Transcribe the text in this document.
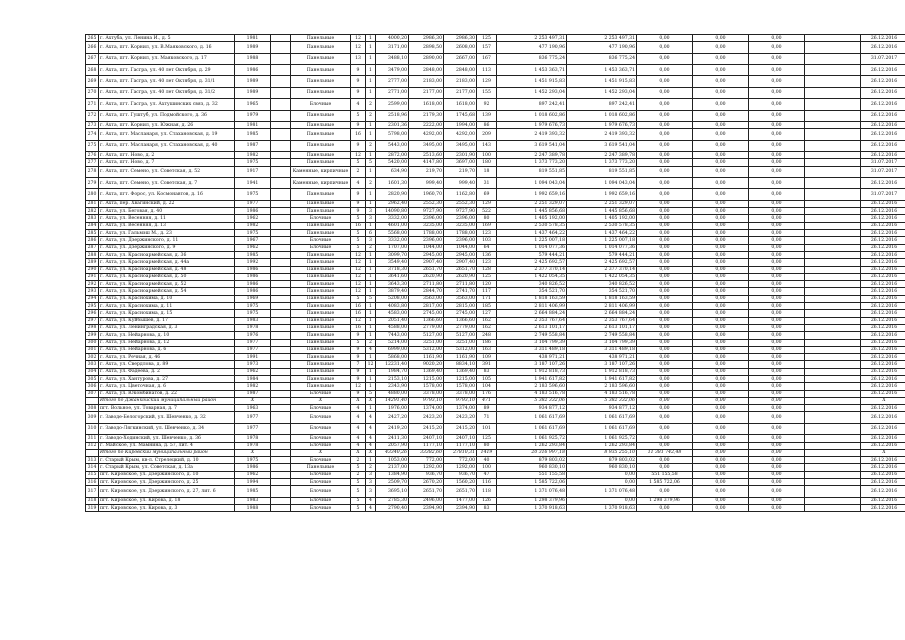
265	г. Ахтуба, ул. Ленина И., д. 5	1981		Панельные	12	1	4000,20	2986,30	2986,30	125	2 253 497,31	2 253 497,31	0,00	0,00	0,00		26.12.2016
266	г. Ахта, пгт. Корнил, ул. В.Маяковского, д. 16	1989		Панельные	12	1	3171,00	2898,50	2608,00	157	477 190,96	477 190,96	0,00	0,00	0,00		26.12.2016
267	г. Ахта, пгт. Корнил, ул. Маяковского, д. 17	1988		Панельные	13	1	3488,10	2890,00	2667,00	167	836 775,24	836 775,24	0,00	0,00	0,00		31.07.2017
268	г. Ахта, пгт. Гасгра, ул. 40 лет Октября, д. 29	1986		Панельные	9	1	3479,00	2848,00	2848,00	113	1 453 363,71	1 453 363,71	0,00	0,00	0,00		26.12.2016
269	г. Ахта, пгт. Гасгра, ул. 40 лет Октября, д. 31/1	1989		Панельные	9	1	2777,00	2183,00	2183,00	129	1 451 915,83	1 451 915,83	0,00	0,00	0,00		26.12.2016
270	г. Ахта, пгт. Гасгра, ул. 40 лет Октября, д. 31/2	1989		Панельные	9	1	2771,00	2177,00	2177,00	155	1 452 293,04	1 452 293,04	0,00	0,00	0,00		26.12.2016
271	г. Ахта, пгт. Гасгра, ул. Ахтушинских связ, д. 32	1965		Блочные	4	2	2599,00	1618,00	1618,00	92	897 242,41	897 242,41	0,00	0,00	0,00		26.12.2016
272	г. Ахта, пгт. Гуштуб, ул. Подмойского, д. 36	1979		Панельные	5	2	2518,96	2179,30	1745,68	139	1 018 602,86	1 018 602,86	0,00	0,00	0,00		26.12.2016
273	г. Ахта, пгт. Корнил, ул. Южная, д. 26	1981		Панельные	9	1	2301,36	2222,00	1994,00	86	1 979 676,73	1 979 676,73	0,00	0,00	0,00		26.12.2016
274	г. Ахта, пгт. Масланаря, ул. Стахановская, д. 19	1985		Панельные	16	1	5798,00	4292,00	4292,00	209	2 419 393,32	2 419 393,32	0,00	0,00	0,00		26.12.2016
275	г. Ахта, пгт. Масланаря, ул. Стахановская, д. 40	1987		Панельные	9	2	5443,00	3495,00	3495,00	143	3 619 541,04	3 619 541,04	0,00	0,00	0,00		26.12.2016
276	г. Ахта, пгт. Ново, д. 2	1982		Панельные	12	1	2872,00	2513,60	2301,90	100	2 247 389,78	2 247 389,78	0,00	0,00	0,00		26.12.2016
277	г. Ахта, пгт. Ново, д. 7	1975		Панельные	5	5	5420,00	4147,80	3697,00	180	1 373 773,20	1 373 773,20	0,00	0,00	0,00		31.07.2017
278	г. Ахта, пгт. Семено, ул. Советская, д. 52	1917		Каменные, кирпичные	2	1	634,90	219,70	219,70	18	819 551,85	819 551,85	0,00	0,00	0,00		31.07.2017
279	г. Ахта, пгт. Семено, ул. Советская, д. 7	1941		Каменные, кирпичные	4	2	1601,30	999,40	999,40	31	1 094 043,04	1 094 043,04	0,00	0,00	0,00		26.12.2016
280	г. Ахта, пгт. Форос, ул. Космонавтов, д. 16	1975		Панельные	9	1	2820,90	1960,70	1162,80	69	1 992 659,16	1 992 659,16	0,00	0,00	0,00		31.07.2017
281	г. Ахта, пер. Хвагинский, д. 22	1977		Панельные	9	1	2962,40	2552,30	2552,30	129	2 251 329,07	2 251 329,07	0,00	0,00	0,00		26.12.2016
282	г. Ахта, ул. Беговая, д. 40	1986		Панельные	9	3	14090,80	9727,90	9727,90	522	1 445 856,68	1 445 856,68	0,00	0,00	0,00		26.12.2016
283	г. Ахта, ул. Весенняя, д. 11	1962		Блочные	5	3	3332,00	2396,00	2396,00	80	1 405 192,00	1 405 192,00	0,00	0,00	0,00		26.12.2016
284	г. Ахта, ул. Весенняя, д. 13	1982		Панельные	16	1	4601,00	3235,00	3235,00	169	2 530 578,35	2 530 578,35	0,00	0,00	0,00		26.12.2016
285	г. Ахта, ул. Гальмэш М., д. 23	1975		Панельные	5	6	5568,00	1788,00	1788,00	123	1 437 464,22	1 437 464,22	0,00	0,00	0,00		26.12.2016
286	г. Ахта, ул. Дзержинского, д. 11	1967		Блочные	5	3	3332,00	2396,00	2396,00	103	1 225 007,18	1 225 007,18	0,00	0,00	0,00		26.12.2016
287	г. Ахта, ул. Дзержинского, д. 9	1962		Блочные	5	2	1707,00	1044,00	1044,00	64	1 014 077,36	1 014 077,36	0,00	0,00	0,00		26.12.2016
288	г. Ахта, ул. Красноармейская, д. 36	1985		Панельные	12	1	3099,70	2945,00	2945,00	136	579 444,21	579 444,21	0,00	0,00	0,00		26.12.2016
289	г. Ахта, ул. Красноармейская, д. 44а	1992		Панельные	12	1	3549,40	2907,40	2907,40	123	2 425 692,57	2 425 692,57	0,00	0,00	0,00		26.12.2016
290	г. Ахта, ул. Красноармейская, д. 48	1986		Панельные	12	1	3718,30	2651,70	2651,70	128	2 377 370,14	2 377 370,14	0,00	0,00	0,00		26.12.2016
291	г. Ахта, ул. Красноармейская, д. 50	1986		Панельные	12	1	3641,60	2620,90	2620,90	125	1 422 054,35	1 422 054,35	0,00	0,00	0,00		26.12.2016
292	г. Ахта, ул. Красноармейская, д. 52	1986		Панельные	12	1	3643,30	2711,80	2711,80	120	340 826,52	340 826,52	0,00	0,00	0,00		26.12.2016
293	г. Ахта, ул. Красноармейская, д. 54	1986		Панельные	12	1	3879,40	2844,70	2741,70	117	354 521,70	354 521,70	0,00	0,00	0,00		26.12.2016
294	г. Ахта, ул. Краснохима, д. 10	1969		Панельные	5	5	5208,00	3563,00	3563,00	171	1 818 163,59	1 818 163,59	0,00	0,00	0,00		26.12.2016
295	г. Ахта, ул. Краснохима, д. 11	1975		Панельные	16	1	4083,80	2817,00	2815,00	185	2 811 406,99	2 811 406,99	0,00	0,00	0,00		26.12.2016
296	г. Ахта, ул. Краснохима, д. 15	1975		Панельные	16	1	4583,00	2745,00	2745,00	127	2 664 884,24	2 664 884,24	0,00	0,00	0,00		26.12.2016
297	г. Ахта, ул. Куйбышев, д. 17	1983		Панельные	12	1	2051,40	1366,60	1366,60	162	2 353 767,64	2 353 767,64	0,00	0,00	0,00		26.12.2016
298	г. Ахта, ул. Ленинградская, д. 3	1978		Панельные	16	1	4588,00	2779,00	2779,00	162	2 613 101,17	2 613 101,17	0,00	0,00	0,00		26.12.2016
299	г. Ахта, ул. Нейарнова, д. 10	1976		Панельные	9	1	7443,00	5127,00	5127,00	248	2 749 558,84	2 749 558,84	0,00	0,00	0,00		26.12.2016
300	г. Ахта, ул. Нейарнова, д. 12	1977		Панельные	5	2	5214,00	3251,00	3251,00	186	3 104 799,39	3 104 799,39	0,00	0,00	0,00		26.12.2016
301	г. Ахта, ул. Нейарнова, д. 6	1977		Панельные	9	4	6999,00	5312,00	5312,00	163	3 311 489,18	3 311 489,18	0,00	0,00	0,00		26.12.2016
302	г. Ахта, ул. Речная, д. 46	1991		Панельные	9	1	5868,00	1161,90	1161,90	109	438 971,21	438 971,21	0,00	0,00	0,00		26.12.2016
303	г. Ахта, ул. Свердлова, д. 89	1973		Панельные	7	12	12231,40	9020,20	8834,10	391	3 187 107,26	3 187 107,26	0,00	0,00	0,00		26.12.2016
304	г. Ахта, ул. Фадеева, д. 2	1962		Панельные	9	1	1984,70	1369,40	1369,40	83	1 912 818,73	1 912 818,73	0,00	0,00	0,00		26.12.2016
305	г. Ахта, ул. Хантурова, д. 27	1984		Панельные	9	1	2153,10	1215,00	1215,00	105	1 941 617,82	1 941 617,82	0,00	0,00	0,00		26.12.2016
306	г. Ахта, ул. Цветочная, д. 6	1982		Панельные	12	1	2343,90	1578,00	1578,00	104	2 183 596,60	2 183 596,60	0,00	0,00	0,00		26.12.2016
307	г. Ахта, ул. Юкомбинатов, д. 22	1987		Блочные	9	5	4880,00	3378,00	3378,00	176	4 183 516,78	4 183 516,78	0,00	0,00	0,00		26.12.2016
	Итого по Джанкойский муниципальный район	X		X	X	X	14291,40	9793,10	9793,10	471	5 382 332,06	5 382 332,06	0,00	0,00	0,00		X
308	пгт. Вольное, ул. Товарная, д. 7	1963		Блочные	4	1	1976,00	1374,00	1374,00	89	934 877,12	934 877,12	0,00	0,00	0,00		26.12.2016
309	г. Заводе-Белогорский, ул. Шевченко, д. 32	1977		Блочные	4	4	2427,20	2423,20	2423,20	71	1 061 617,69	1 061 617,69	0,00	0,00	0,00		26.12.2016
310	г. Заводо-Лягкинский, ул. Шевченко, д. 34	1977		Блочные	4	4	2419,20	2415,20	2415,20	101	1 061 617,69	1 061 617,69	0,00	0,00	0,00		26.12.2016
311	г. Заводо-Ходинский, ул. Шевченко, д. 36	1978		Блочные	4	4	2411,30	2407,10	2407,10	125	1 061 925,72	1 061 925,72	0,00	0,00	0,00		26.12.2016
312	г. Майское, ул. Мамнина, д. 57, лит. 4	1978		Блочные	4	4	2057,90	1177,10	1177,10	80	1 262 293,84	1 262 293,84	0,00	0,00	0,00		26.12.2016
	Итого по Кировский муниципальный район	X		X	X	X	43340,26	33382,60	27810,31	1419	20 316 997,18	8 935 255,10	11 381 742,48	0,00	0,00		X
313	г. Старый Крым, кв-л. Стрелецкий, д. 10	1975		Блочные	2	1	1053,00	772,00	772,00	40	879 803,02	879 803,02	0,00	0,00	0,00		26.12.2016
314	г. Старый Крым, ул. Советская, д. 13а	1986		Панельные	5	2	2137,00	1292,00	1292,00	100	960 830,10	960 830,10	0,00	0,00	0,00		26.12.2016
315	пгт. Кировское, ул. Дзержинского, д. 10	1962		Блочные	2	3	1384,90	936,70	936,70	47	551 155,58	0,00	551 155,58	0,00	0,00		26.12.2016
316	пгт. Кировское, ул. Дзержинского, д. 25	1994		Блочные	5	3	2509,70	2670,20	1560,20	116	1 585 722,06	0,00	1 585 722,06	0,00	0,00		26.12.2016
317	пгт. Кировское, ул. Дзержинского, д. 27, лит. 6	1985		Блочные	5	3	3695,10	2651,70	2651,70	118	1 371 076,48	1 371 076,48	0,00	0,00	0,00		26.12.2016
318	пгт. Кировское, ул. Кирова, д. 18	1983		Блочные	5	4	2785,30	2496,00	1477,00	126	1 298 379,96	0,00	1 298 379,96	0,00	0,00		26.12.2016
319	пгт. Кировское, ул. Кирова, д. 3	1988		Блочные	5	4	2790,40	2394,90	2394,90	83	1 370 918,63	1 370 918,63	0,00	0,00	0,00		26.12.2016
